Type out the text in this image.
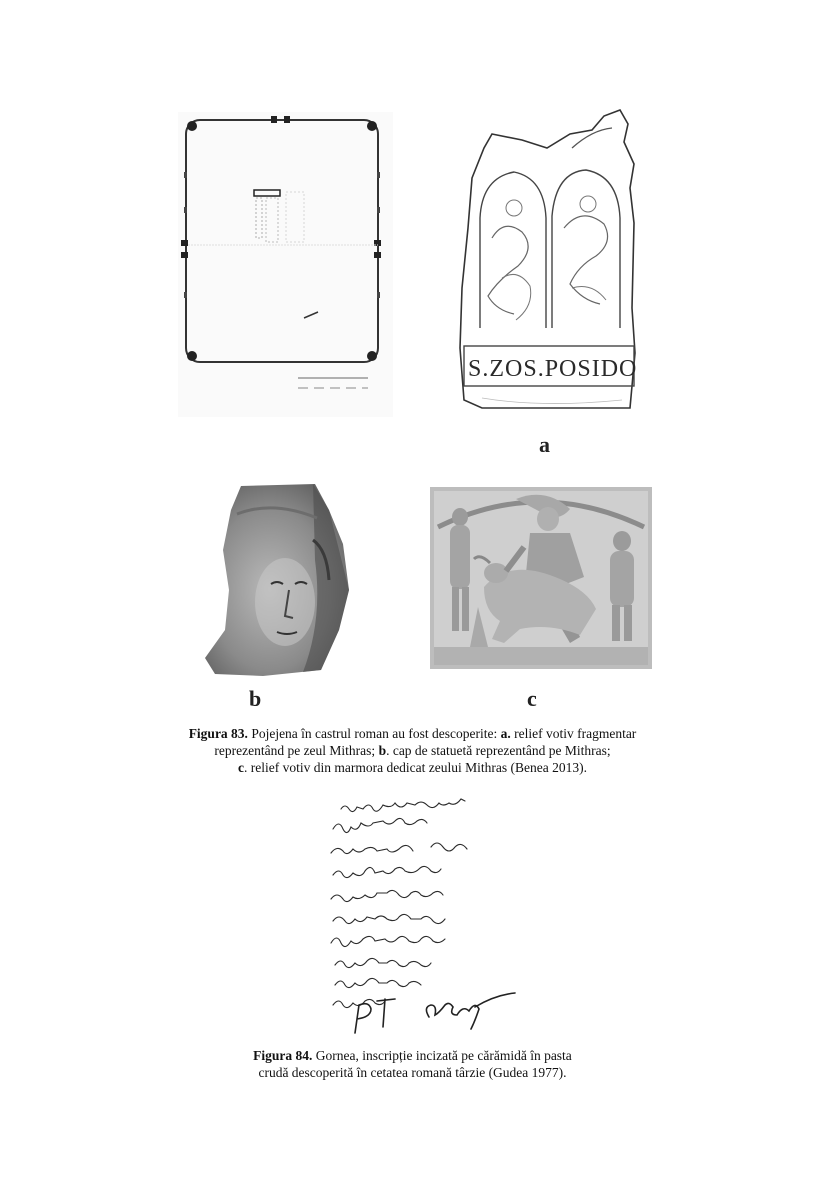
S.ZOS.POSIDO
a
b	c
Figura 83. Pojejena în castrul roman au fost descoperite: a. relief votiv fragmentar
reprezentând pe zeul Mithras; b. cap de statuetă reprezentând pe Mithras;
c. relief votiv din marmora dedicat zeului Mithras (Benea 2013).
Figura 84. Gornea, inscripție incizată pe cărămidă în pasta
crudă descoperită în cetatea romană târzie (Gudea 1977).
